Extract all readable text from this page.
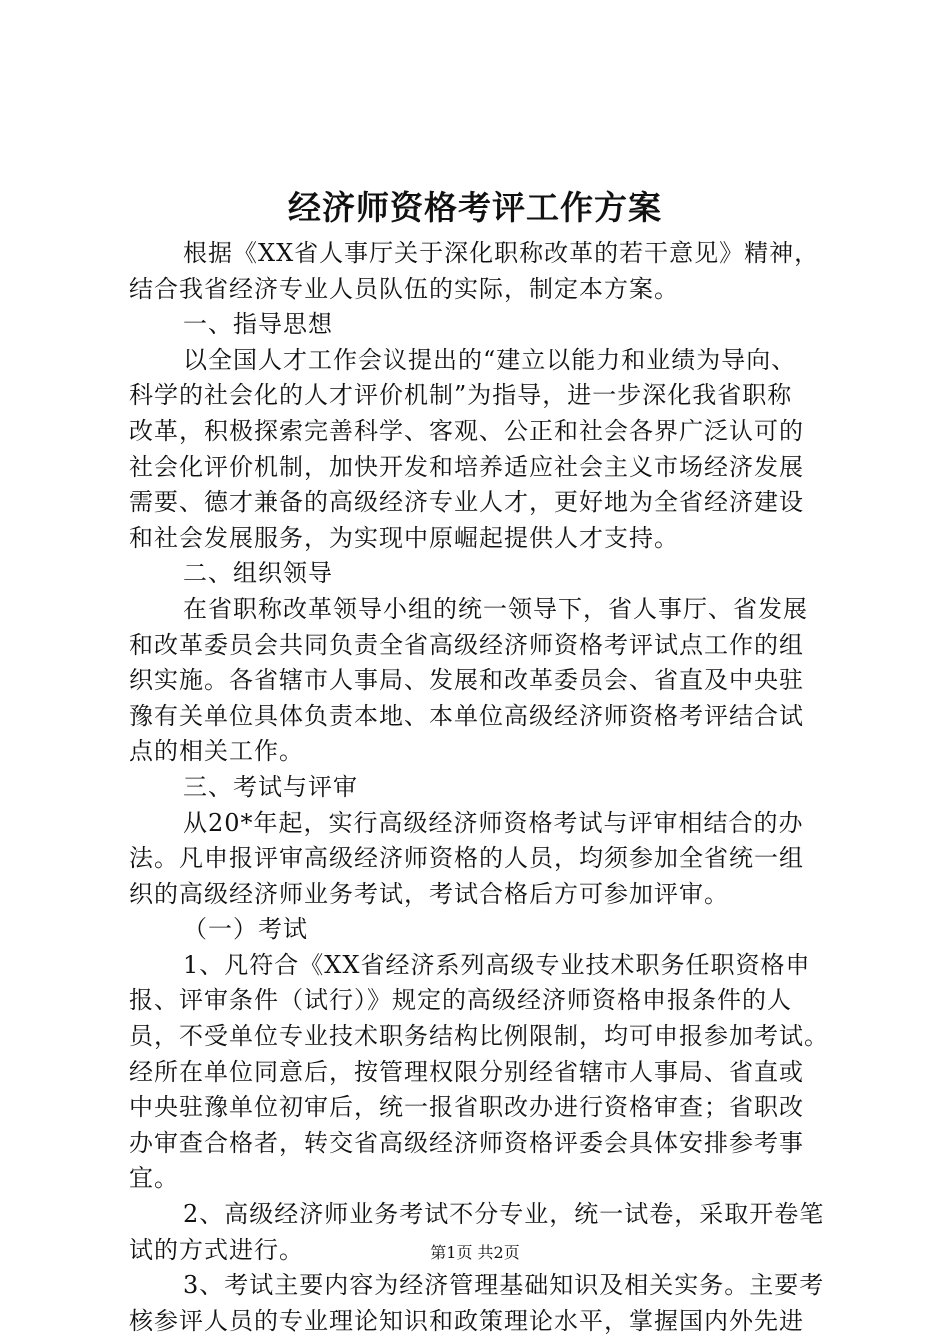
经济师资格考评工作方案

根据《XX省人事厅关于深化职称改革的若干意见》精神，

结合我省经济专业人员队伍的实际，制定本方案。

一、指导思想

以全国人才工作会议提出的“建立以能力和业绩为导向、

科学的社会化的人才评价机制”为指导，进一步深化我省职称

改革，积极探索完善科学、客观、公正和社会各界广泛认可的

社会化评价机制，加快开发和培养适应社会主义市场经济发展

需要、德才兼备的高级经济专业人才，更好地为全省经济建设

和社会发展服务，为实现中原崛起提供人才支持。

二、组织领导

在省职称改革领导小组的统一领导下，省人事厅、省发展

和改革委员会共同负责全省高级经济师资格考评试点工作的组

织实施。各省辖市人事局、发展和改革委员会、省直及中央驻

豫有关单位具体负责本地、本单位高级经济师资格考评结合试

点的相关工作。

三、考试与评审

从20*年起，实行高级经济师资格考试与评审相结合的办

法。凡申报评审高级经济师资格的人员，均须参加全省统一组

织的高级经济师业务考试，考试合格后方可参加评审。

（一）考试

1、凡符合《XX省经济系列高级专业技术职务任职资格申

报、评审条件（试行）》规定的高级经济师资格申报条件的人

员，不受单位专业技术职务结构比例限制，均可申报参加考试。

经所在单位同意后，按管理权限分别经省辖市人事局、省直或

中央驻豫单位初审后，统一报省职改办进行资格审查；省职改

办审查合格者，转交省高级经济师资格评委会具体安排参考事

宜。

2、高级经济师业务考试不分专业，统一试卷，采取开卷笔

试的方式进行。

3、考试主要内容为经济管理基础知识及相关实务。主要考

核参评人员的专业理论知识和政策理论水平，掌握国内外先进

第1页 共2页
